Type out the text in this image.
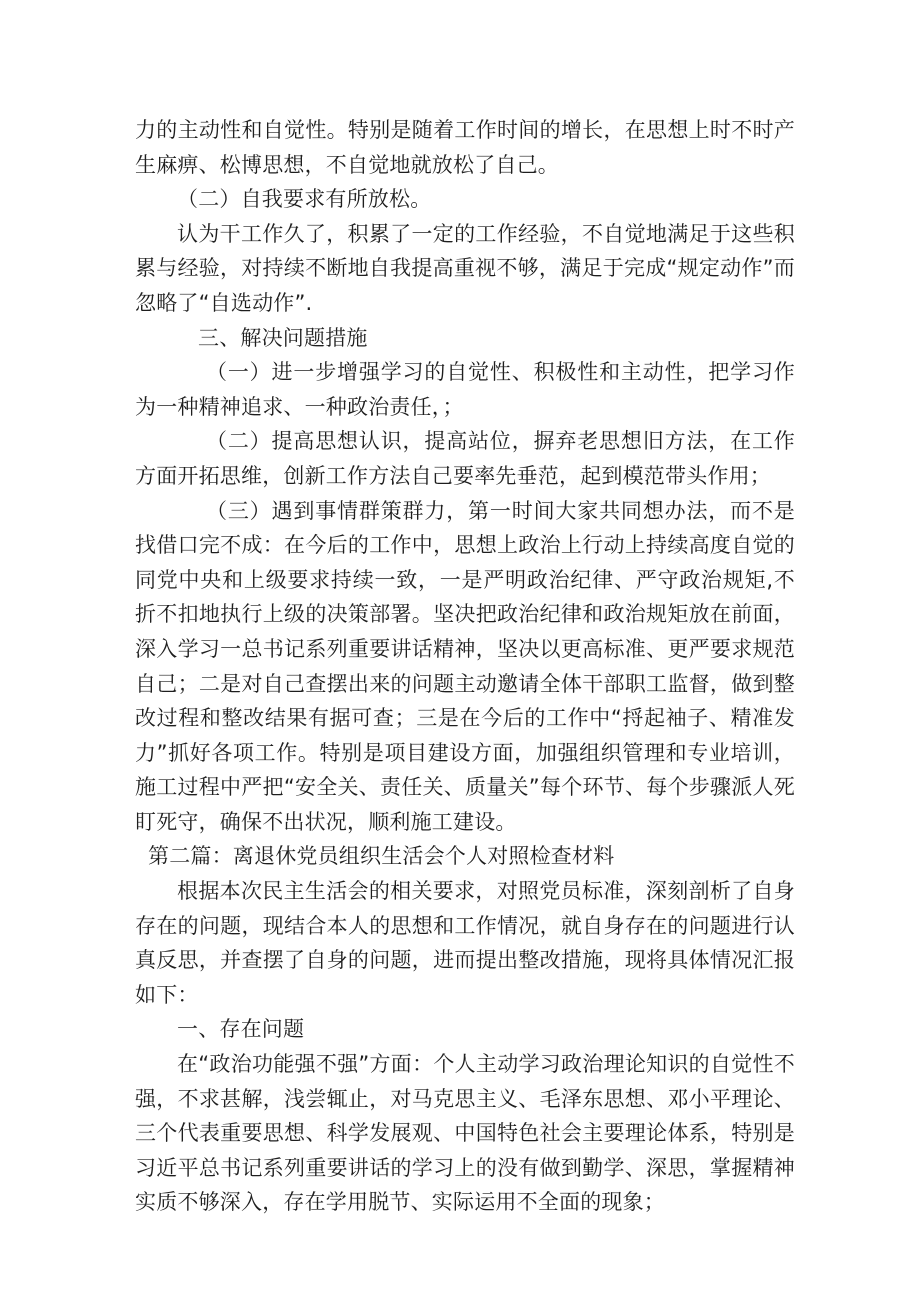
力的主动性和自觉性。特别是随着工作时间的增长，在思想上时不时产生麻痹、松博思想，不自觉地就放松了自己。

（二）自我要求有所放松。

认为干工作久了，积累了一定的工作经验，不自觉地满足于这些积累与经验，对持续不断地自我提高重视不够，满足于完成“规定动作”而忽略了“自选动作”.

三、解决问题措施

（一）进一步增强学习的自觉性、积极性和主动性，把学习作为一种精神追求、一种政治责任，；

（二）提高思想认识，提高站位，摒弃老思想旧方法，在工作方面开拓思维，创新工作方法自己要率先垂范，起到模范带头作用；

（三）遇到事情群策群力，第一时间大家共同想办法，而不是找借口完不成：在今后的工作中，思想上政治上行动上持续高度自觉的同党中央和上级要求持续一致，一是严明政治纪律、严守政治规矩,不折不扣地执行上级的决策部署。坚决把政治纪律和政治规矩放在前面，深入学习一总书记系列重要讲话精神，坚决以更高标准、更严要求规范自己；二是对自己查摆出来的问题主动邀请全体干部职工监督，做到整改过程和整改结果有据可查；三是在今后的工作中“捋起袖子、精准发力”抓好各项工作。特别是项目建设方面，加强组织管理和专业培训，施工过程中严把“安全关、责任关、质量关”每个环节、每个步骤派人死盯死守，确保不出状况，顺利施工建设。

第二篇：离退休党员组织生活会个人对照检查材料

根据本次民主生活会的相关要求，对照党员标准，深刻剖析了自身存在的问题，现结合本人的思想和工作情况，就自身存在的问题进行认真反思，并查摆了自身的问题，进而提出整改措施，现将具体情况汇报如下：

一、存在问题

在“政治功能强不强”方面：个人主动学习政治理论知识的自觉性不强，不求甚解，浅尝辄止，对马克思主义、毛泽东思想、邓小平理论、三个代表重要思想、科学发展观、中国特色社会主要理论体系，特别是习近平总书记系列重要讲话的学习上的没有做到勤学、深思，掌握精神实质不够深入，存在学用脱节、实际运用不全面的现象；
